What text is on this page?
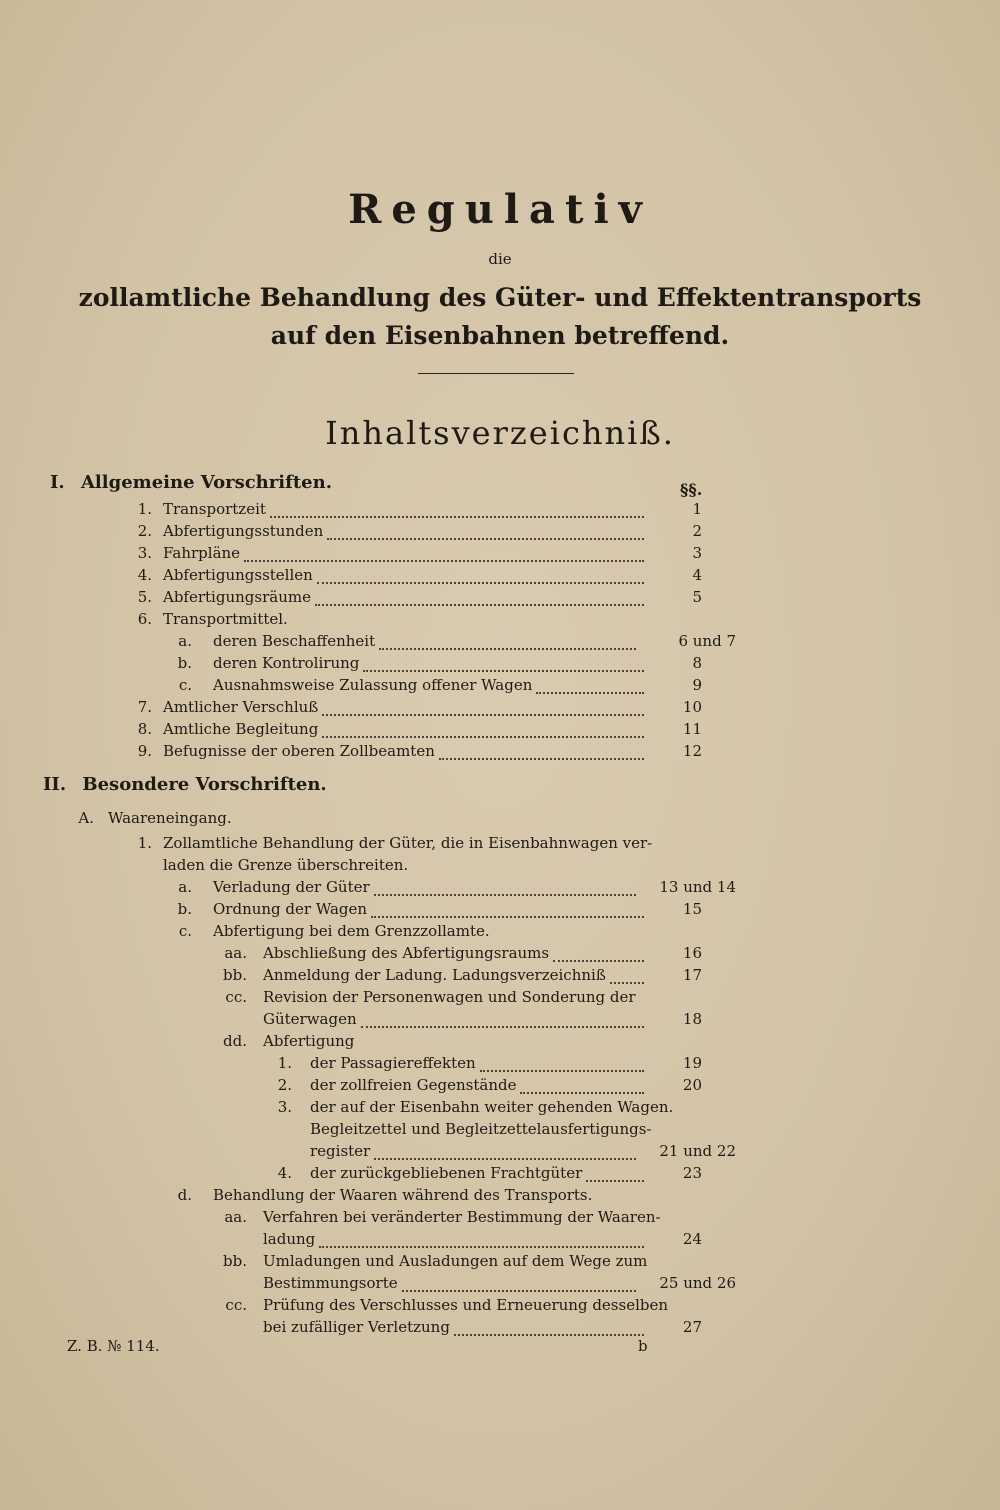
Regulativ
die
zollamtliche Behandlung des Güter- und Effektentransports
auf den Eisenbahnen betreffend.
Inhaltsverzeichniß.
I. Allgemeine Vorschriften.	§§.
II. Besondere Vorschriften.
1. Transportzeit	1
2. Abfertigungsstunden	2
3. Fahrpläne	3
4. Abfertigungsstellen	4
5. Abfertigungsräume	5
6. Transportmittel.
a. deren Beschaffenheit	6 und 7
b. deren Kontrolirung	8
c. Ausnahmsweise Zulassung offener Wagen	9
7. Amtlicher Verschluß	10
8. Amtliche Begleitung	11
9. Befugnisse der oberen Zollbeamten	12
A. Waareneingang.
1. Zollamtliche Behandlung der Güter, die in Eisenbahnwagen ver-
laden die Grenze überschreiten.
a. Verladung der Güter	13 und 14
b. Ordnung der Wagen	15
c. Abfertigung bei dem Grenzzollamte.
aa. Abschließung des Abfertigungsraums	16
bb. Anmeldung der Ladung. Ladungsverzeichniß	17
cc. Revision der Personenwagen und Sonderung der
Güterwagen	18
dd. Abfertigung
1. der Passagiereffekten	19
2. der zollfreien Gegenstände	20
3. der auf der Eisenbahn weiter gehenden Wagen.
Begleitzettel und Begleitzettelausfertigungs-
register	21 und 22
4. der zurückgebliebenen Frachtgüter	23
d. Behandlung der Waaren während des Transports.
aa. Verfahren bei veränderter Bestimmung der Waaren-
ladung	24
bb. Umladungen und Ausladungen auf dem Wege zum
Bestimmungsorte	25 und 26
cc. Prüfung des Verschlusses und Erneuerung desselben
bei zufälliger Verletzung	27
Z. B. № 114.	b
